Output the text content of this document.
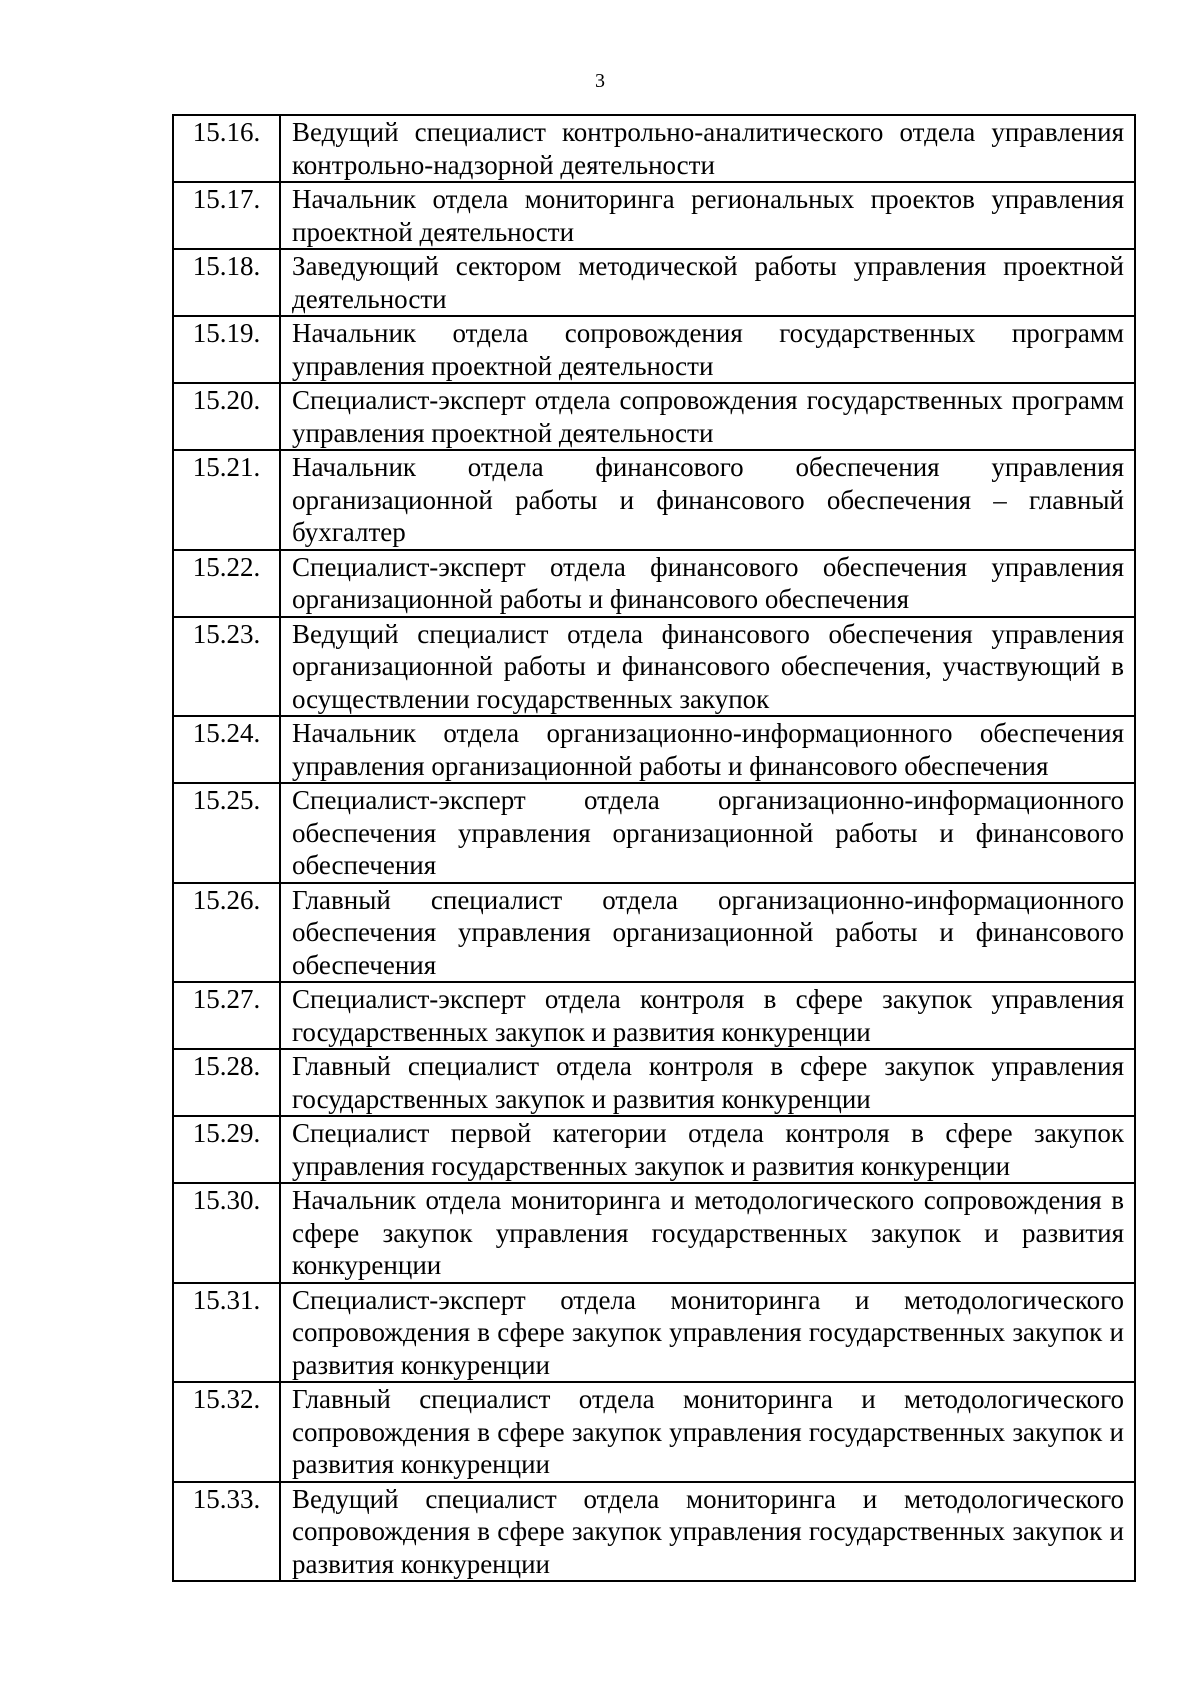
3
15.16.	Ведущий специалист контрольно-аналитического отдела управления контрольно-надзорной деятельности
15.17.	Начальник отдела мониторинга региональных проектов управления проектной деятельности
15.18.	Заведующий сектором методической работы управления проектной деятельности
15.19.	Начальник отдела сопровождения государственных программ управления проектной деятельности
15.20.	Специалист-эксперт отдела сопровождения государственных программ управления проектной деятельности
15.21.	Начальник отдела финансового обеспечения управления организационной работы и финансового обеспечения – главный бухгалтер
15.22.	Специалист-эксперт отдела финансового обеспечения управления организационной работы и финансового обеспечения
15.23.	Ведущий специалист отдела финансового обеспечения управления организационной работы и финансового обеспечения, участвующий в осуществлении государственных закупок
15.24.	Начальник отдела организационно-информационного обеспечения управления организационной работы и финансового обеспечения
15.25.	Специалист-эксперт отдела организационно-информационного обеспечения управления организационной работы и финансового обеспечения
15.26.	Главный специалист отдела организационно-информационного обеспечения управления организационной работы и финансового обеспечения
15.27.	Специалист-эксперт отдела контроля в сфере закупок управления государственных закупок и развития конкуренции
15.28.	Главный специалист отдела контроля в сфере закупок управления государственных закупок и развития конкуренции
15.29.	Специалист первой категории отдела контроля в сфере закупок управления государственных закупок и развития конкуренции
15.30.	Начальник отдела мониторинга и методологического сопровождения в сфере закупок управления государственных закупок и развития конкуренции
15.31.	Специалист-эксперт отдела мониторинга и методологического сопровождения в сфере закупок управления государственных закупок и развития конкуренции
15.32.	Главный специалист отдела мониторинга и методологического сопровождения в сфере закупок управления государственных закупок и развития конкуренции
15.33.	Ведущий специалист отдела мониторинга и методологического сопровождения в сфере закупок управления государственных закупок и развития конкуренции
